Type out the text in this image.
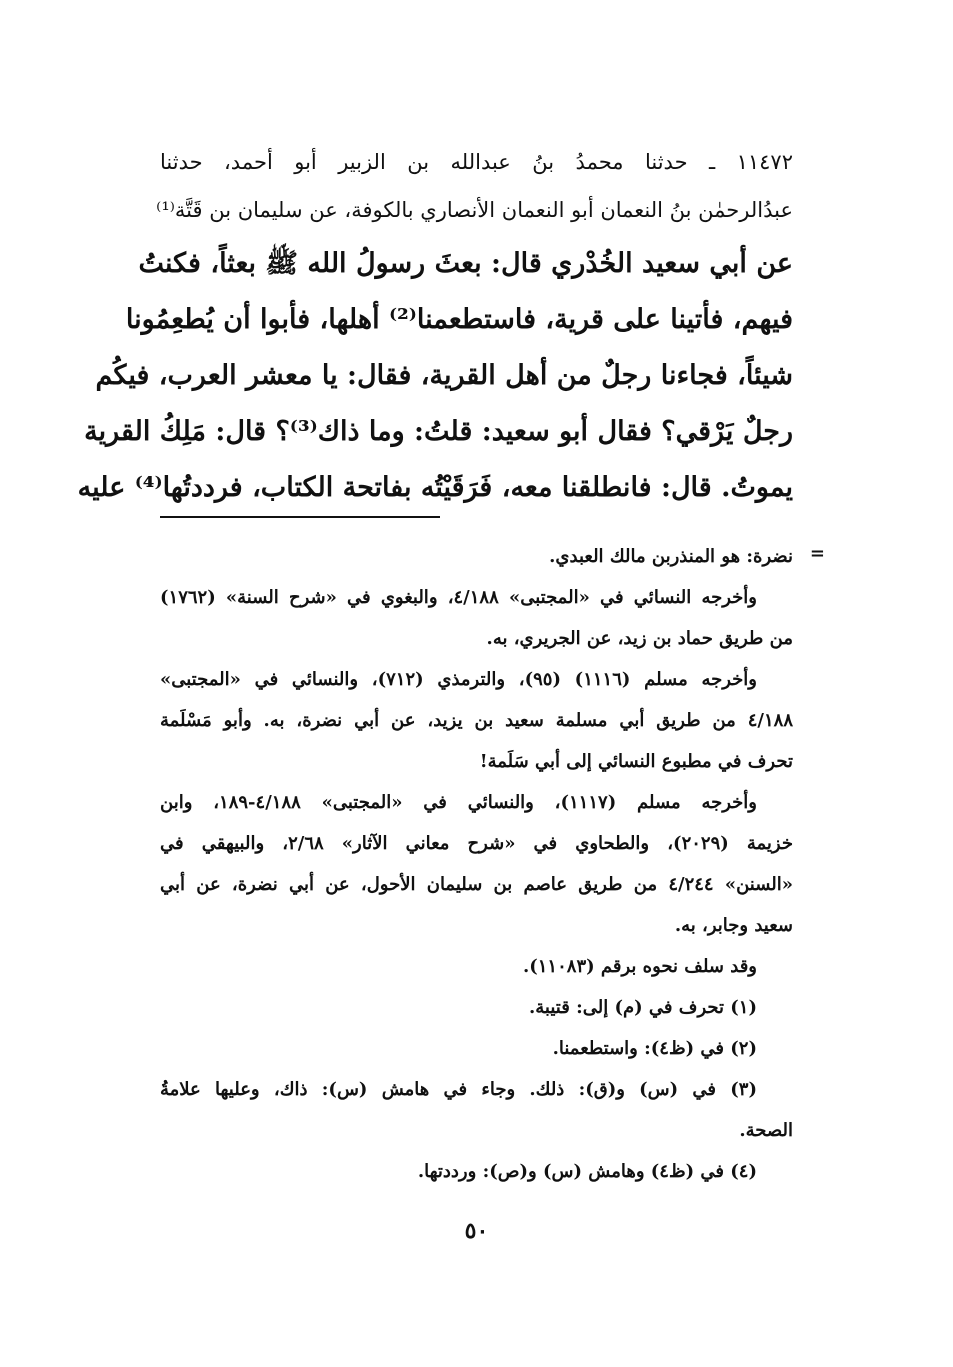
١١٤٧٢ ـ حدثنا محمدُ بنُ عبدالله بن الزبير أبو أحمد، حدثنا
عبدُالرحمٰن بنُ النعمان أبو النعمان الأنصاري بالكوفة، عن سليمان بن قَتَّة⁽¹⁾
عن أبي سعيد الخُدْري قال: بعثَ رسولُ الله ﷺ بعثاً، فكنتُ
فيهم، فأتينا على قرية، فاستطعمنا⁽²⁾ أهلها، فأبوا أن يُطعِمُونا
شيئاً، فجاءنا رجلٌ من أهل القرية، فقال: يا معشر العرب، فيكُم
رجلٌ يَرْقي؟ فقال أبو سعيد: قلتُ: وما ذاك⁽³⁾؟ قال: مَلِكُ القرية
يموتُ. قال: فانطلقنا معه، فَرَقَيْتُه بفاتحة الكتاب، فرددتُها⁽⁴⁾ عليه
=
نضرة: هو المنذربن مالك العبدي.
وأخرجه النسائي في «المجتبى» ٤/١٨٨، والبغوي في «شرح السنة» (١٧٦٢)
من طريق حماد بن زيد، عن الجريري، به.
وأخرجه مسلم (١١١٦) (٩٥)، والترمذي (٧١٢)، والنسائي في «المجتبى»
٤/١٨٨ من طريق أبي مسلمة سعيد بن يزيد، عن أبي نضرة، به. وأبو مَسْلَمة
تحرف في مطبوع النسائي إلى أبي سَلَمة!
وأخرجه مسلم (١١١٧)، والنسائي في «المجتبى» ٤/١٨٨-١٨٩، وابن
خزيمة (٢٠٢٩)، والطحاوي في «شرح معاني الآثار» ٢/٦٨، والبيهقي في
«السنن» ٤/٢٤٤ من طريق عاصم بن سليمان الأحول، عن أبي نضرة، عن أبي
سعيد وجابر، به.
وقد سلف نحوه برقم (١١٠٨٣).
(١) تحرف في (م) إلى: قتيبة.
(٢) في (ظ٤): واستطعمنا.
(٣) في (س) و(ق): ذلك. وجاء في هامش (س): ذاك، وعليها علامةُ
الصحة.
(٤) في (ظ٤) وهامش (س) و(ص): ورددتها.
٥٠
